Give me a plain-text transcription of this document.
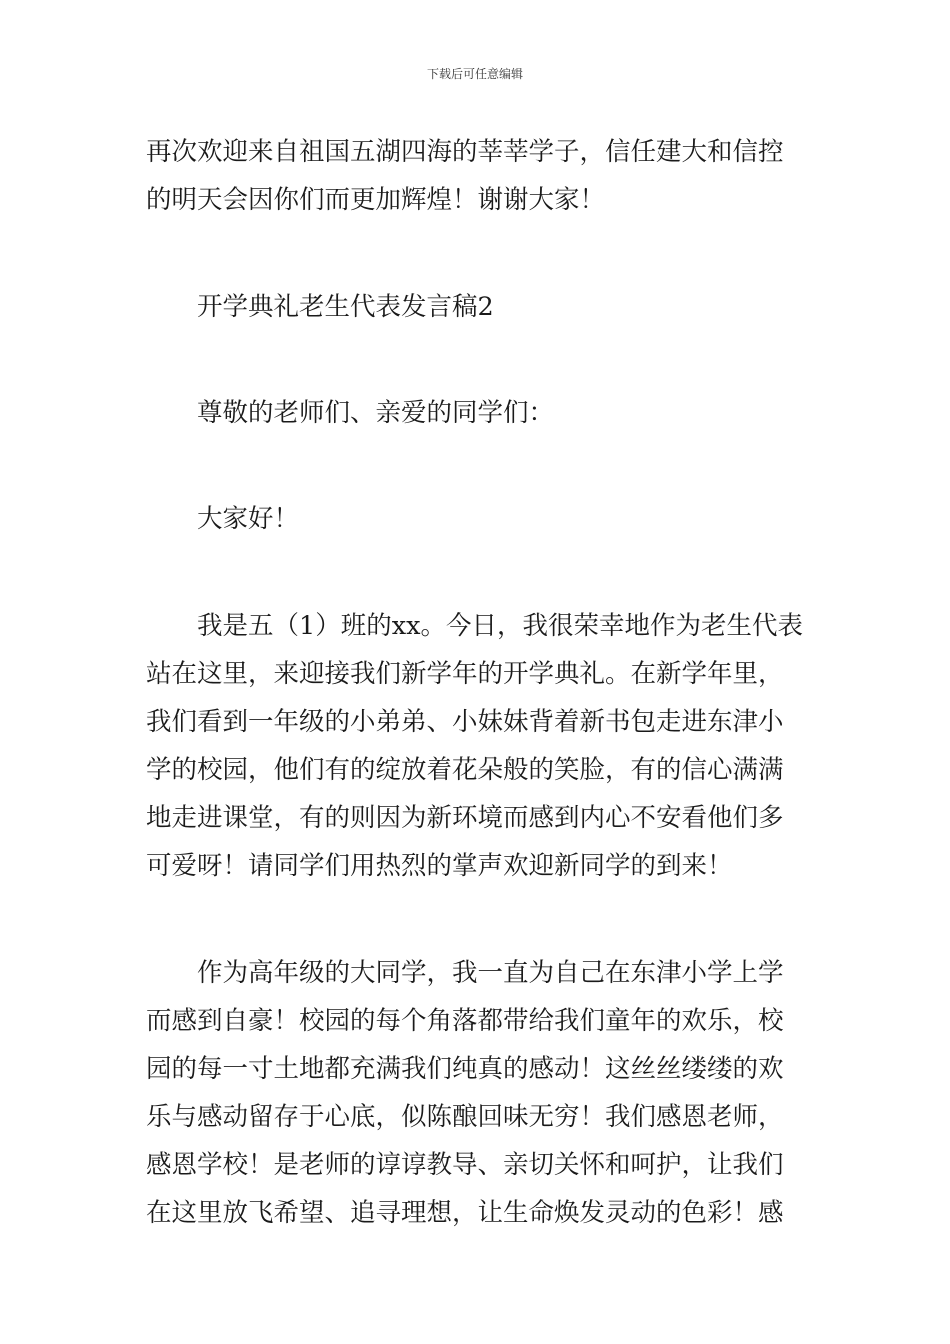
下载后可任意编辑
再次欢迎来自祖国五湖四海的莘莘学子，信任建大和信控
的明天会因你们而更加辉煌！谢谢大家！
开学典礼老生代表发言稿2
尊敬的老师们、亲爱的同学们：
大家好！
我是五（1）班的xx。今日，我很荣幸地作为老生代表
站在这里，来迎接我们新学年的开学典礼。在新学年里，
我们看到一年级的小弟弟、小妹妹背着新书包走进东津小
学的校园，他们有的绽放着花朵般的笑脸，有的信心满满
地走进课堂，有的则因为新环境而感到内心不安看他们多
可爱呀！请同学们用热烈的掌声欢迎新同学的到来！
作为高年级的大同学，我一直为自己在东津小学上学
而感到自豪！校园的每个角落都带给我们童年的欢乐，校
园的每一寸土地都充满我们纯真的感动！这丝丝缕缕的欢
乐与感动留存于心底，似陈酿回味无穷！我们感恩老师，
感恩学校！是老师的谆谆教导、亲切关怀和呵护，让我们
在这里放飞希望、追寻理想，让生命焕发灵动的色彩！感
